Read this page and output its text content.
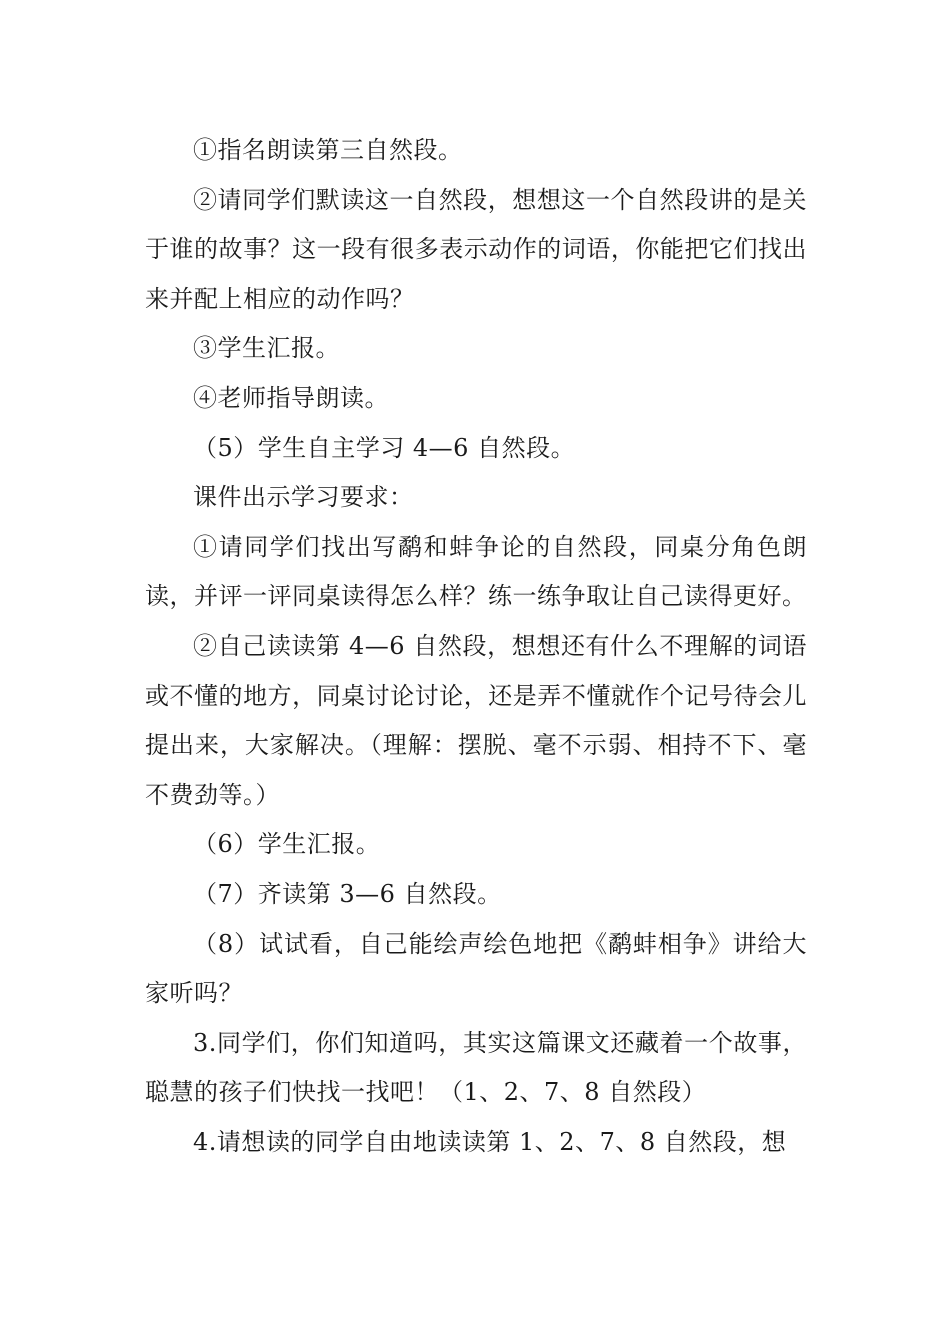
①指名朗读第三自然段。

②请同学们默读这一自然段，想想这一个自然段讲的是关于谁的故事？这一段有很多表示动作的词语，你能把它们找出来并配上相应的动作吗？

③学生汇报。

④老师指导朗读。

（5）学生自主学习 4—6 自然段。

课件出示学习要求：

①请同学们找出写鹬和蚌争论的自然段，同桌分角色朗读，并评一评同桌读得怎么样？练一练争取让自己读得更好。

②自己读读第 4—6 自然段，想想还有什么不理解的词语或不懂的地方，同桌讨论讨论，还是弄不懂就作个记号待会儿提出来，大家解决。（理解：摆脱、毫不示弱、相持不下、毫不费劲等。）

（6）学生汇报。

（7）齐读第 3—6 自然段。

（8）试试看，自己能绘声绘色地把《鹬蚌相争》讲给大家听吗？

3.同学们，你们知道吗，其实这篇课文还藏着一个故事，聪慧的孩子们快找一找吧！（1、2、7、8 自然段）

4.请想读的同学自由地读读第 1、2、7、8 自然段，想
